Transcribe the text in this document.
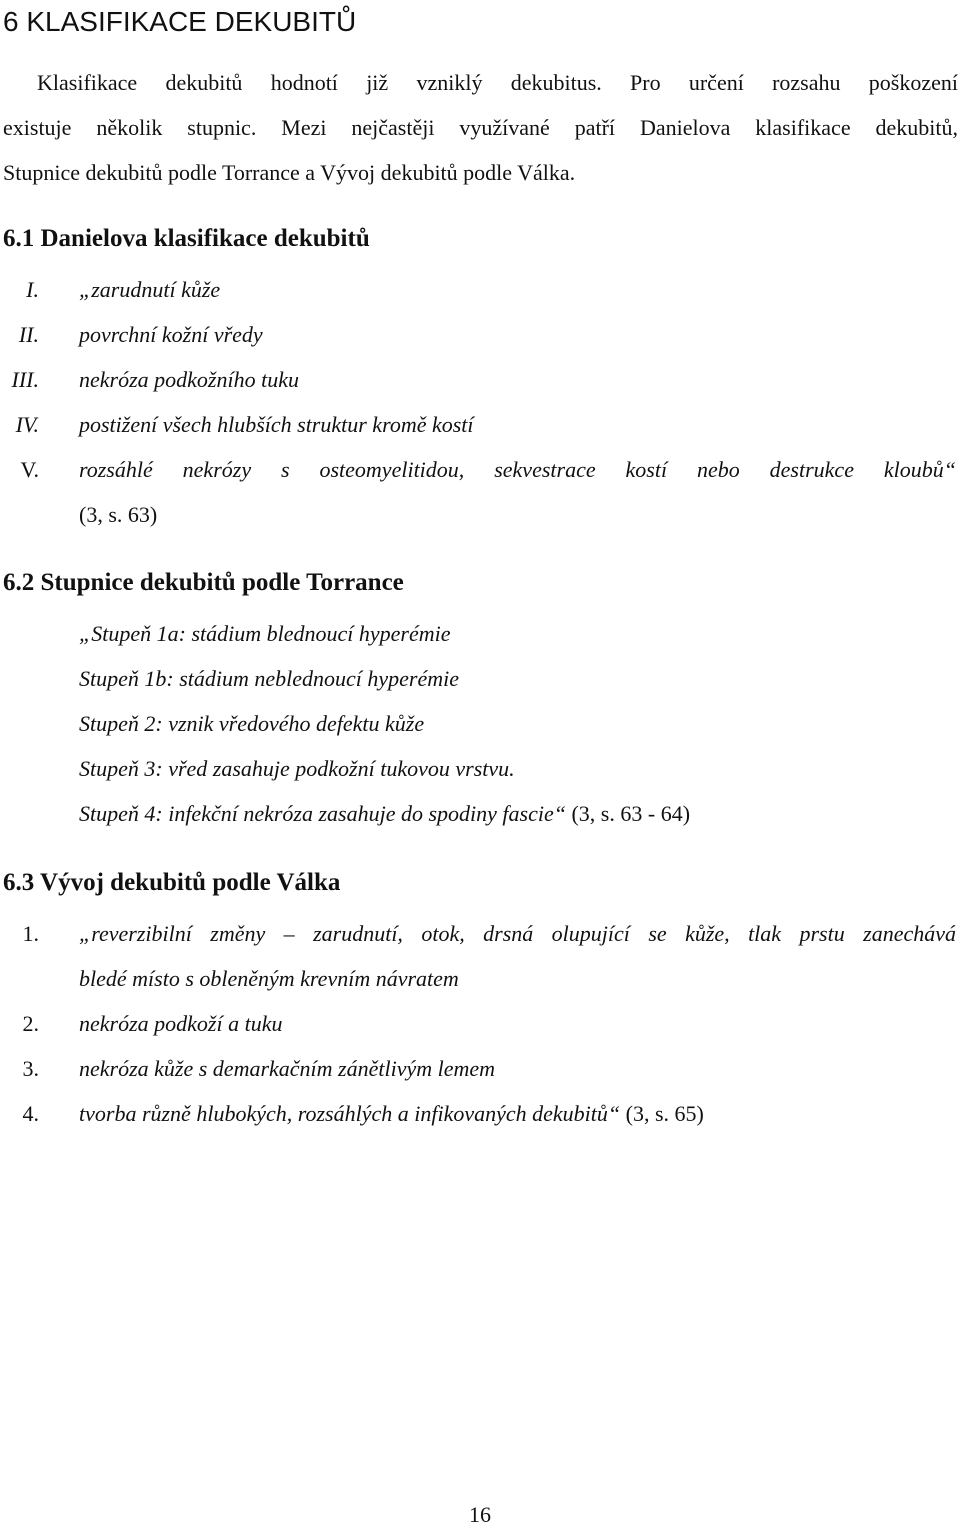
6 KLASIFIKACE DEKUBITŮ

Klasifikace dekubitů hodnotí již vzniklý dekubitus. Pro určení rozsahu poškození
existuje několik stupnic. Mezi nejčastěji využívané patří Danielova klasifikace dekubitů,
Stupnice dekubitů podle Torrance a Vývoj dekubitů podle Válka.

6.1 Danielova klasifikace dekubitů
I. „zarudnutí kůže
II. povrchní kožní vředy
III. nekróza podkožního tuku
IV. postižení všech hlubších struktur kromě kostí
V. rozsáhlé nekrózy s osteomyelitidou, sekvestrace kostí nebo destrukce kloubů“
(3, s. 63)
6.2 Stupnice dekubitů podle Torrance
„Stupeň 1a: stádium blednoucí hyperémie
Stupeň 1b: stádium neblednoucí hyperémie
Stupeň 2: vznik vředového defektu kůže
Stupeň 3: vřed zasahuje podkožní tukovou vrstvu.
Stupeň 4: infekční nekróza zasahuje do spodiny fascie“ (3, s. 63 - 64)
6.3 Vývoj dekubitů podle Válka
1. „reverzibilní změny – zarudnutí, otok, drsná olupující se kůže, tlak prstu zanechává
bledé místo s obleněným krevním návratem
2. nekróza podkoží a tuku
3. nekróza kůže s demarkačním zánětlivým lemem
4. tvorba různě hlubokých, rozsáhlých a infikovaných dekubitů“ (3, s. 65)
16
